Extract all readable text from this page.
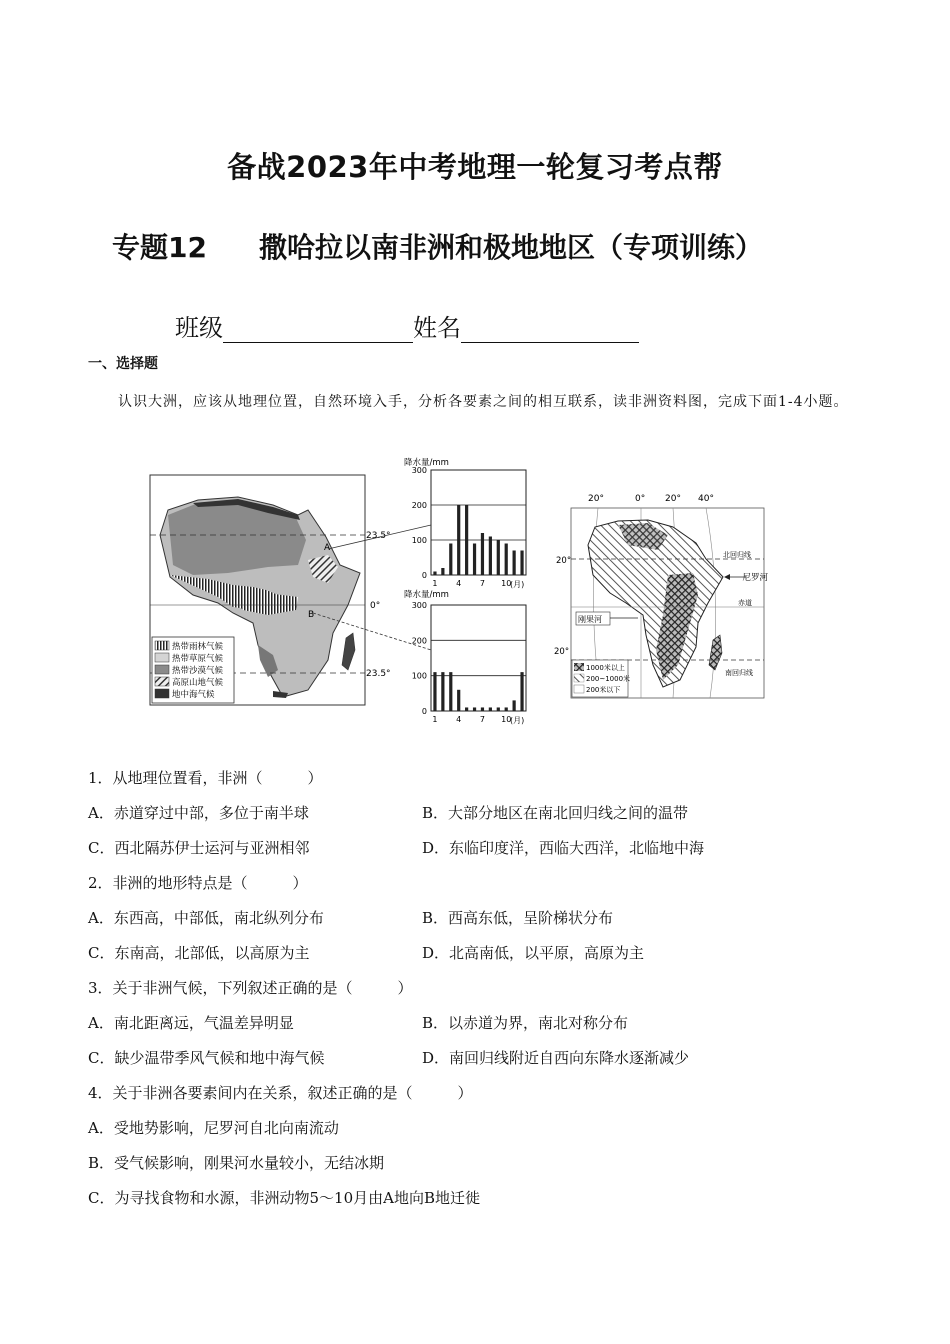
备战2023年中考地理一轮复习考点帮
专题12 撒哈拉以南非洲和极地地区（专项训练）
班级	姓名
一、选择题
认识大洲，应该从地理位置，自然环境入手，分析各要素之间的相互联系，读非洲资料图，完成下面1-4小题。
23.5°
0°
23.5°
A
B
热带雨林气候
热带草原气候
热带沙漠气候
高原山地气候
地中海气候
降水量/mm
(月)
0
100
200
300
1 4 7 10
降水量/mm
(月)
0
100
200
300
1 4 7 10
20°	0° 20° 40°
20°
20°
北回归线
赤道
南回归线
尼罗河
刚果河
1000米以上
200~1000米
200米以下
1．从地理位置看，非洲（　　　）
A．赤道穿过中部，多位于南半球	B．大部分地区在南北回归线之间的温带
C．西北隔苏伊士运河与亚洲相邻	D．东临印度洋，西临大西洋，北临地中海
2．非洲的地形特点是（　　　）
A．东西高，中部低，南北纵列分布	B．西高东低，呈阶梯状分布
C．东南高，北部低，以高原为主	D．北高南低，以平原，高原为主
3．关于非洲气候，下列叙述正确的是（　　　）
A．南北距离远，气温差异明显	B．以赤道为界，南北对称分布
C．缺少温带季风气候和地中海气候	D．南回归线附近自西向东降水逐渐减少
4．关于非洲各要素间内在关系，叙述正确的是（　　　）
A．受地势影响，尼罗河自北向南流动
B．受气候影响，刚果河水量较小，无结冰期
C．为寻找食物和水源，非洲动物5～10月由A地向B地迁徙
